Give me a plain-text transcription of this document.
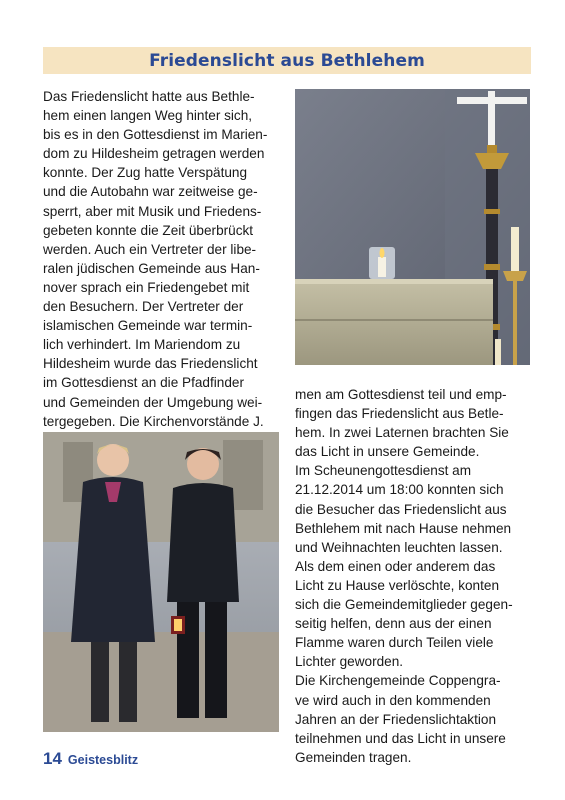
Friedenslicht aus Bethlehem

Das Friedenslicht hatte aus Bethle-
hem einen langen Weg hinter sich,
bis es in den Gottesdienst im Marien-
dom zu Hildesheim getragen werden
konnte. Der Zug hatte Verspätung
und die Autobahn war zeitweise ge-
sperrt, aber mit Musik und Friedens-
gebeten konnte die Zeit überbrückt
werden. Auch ein Vertreter der libe-
ralen jüdischen Gemeinde aus Han-
nover sprach ein Friedengebet mit
den Besuchern. Der Vertreter der
islamischen Gemeinde war termin-
lich verhindert. Im Mariendom zu
Hildesheim wurde das Friedenslicht
im Gottesdienst an die Pfadfinder
und Gemeinden der Umgebung wei-
tergegeben. Die Kirchenvorstände J.

men am Gottesdienst teil und emp-
fingen das Friedenslicht aus Betle-
hem. In zwei Laternen brachten Sie
das Licht in unsere Gemeinde.
Im Scheunengottesdienst am
21.12.2014 um 18:00 konnten sich
die Besucher das Friedenslicht aus
Bethlehem mit nach Hause nehmen
und Weihnachten leuchten lassen.
Als dem einen oder anderem das
Licht zu Hause verlöschte, konten
sich die Gemeindemitglieder gegen-
seitig helfen, denn aus der einen
Flamme waren durch Teilen viele
Lichter geworden.
Die Kirchengemeinde Coppengra-
ve wird auch in den kommenden
Jahren an der Friedenslichtaktion
teilnehmen und das Licht in unsere
Gemeinden tragen.

14 Geistesblitz
